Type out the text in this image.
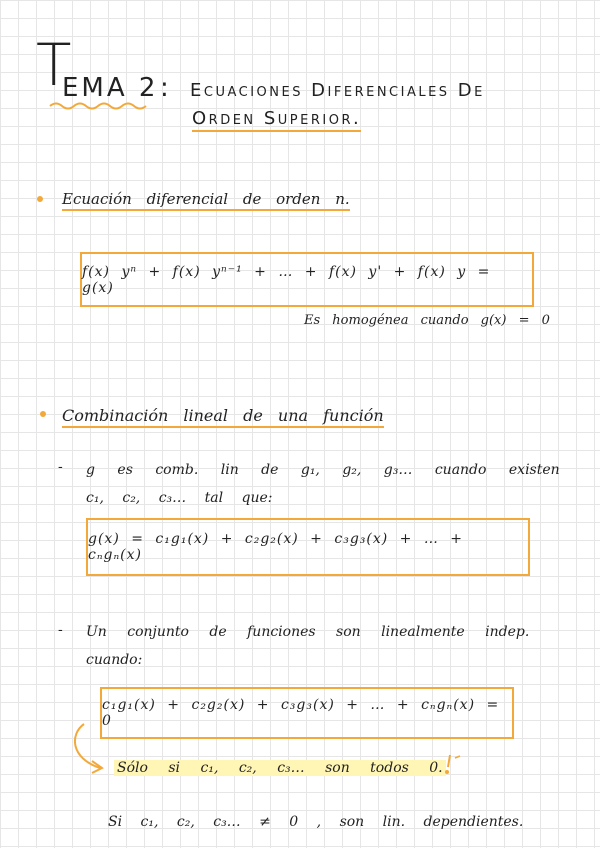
T
EMA 2 : Ecuaciones Diferenciales De
Orden Superior.
Ecuación diferencial de orden n.
f(x) yⁿ + f(x) yⁿ⁻¹ + … + f(x) y' + f(x) y = g(x)
Es homogénea cuando g(x) = 0
Combinación lineal de una función
- g es comb. lin de g₁, g₂, g₃… cuando existen
c₁, c₂, c₃… tal que:
g(x) = c₁g₁(x) + c₂g₂(x) + c₃g₃(x) + … + cₙgₙ(x)
- Un conjunto de funciones son linealmente indep.
cuando:
c₁g₁(x) + c₂g₂(x) + c₃g₃(x) + … + cₙgₙ(x) = 0
Sólo si c₁, c₂, c₃… son todos 0.
Si c₁, c₂, c₃… ≠ 0 , son lin. dependientes.
